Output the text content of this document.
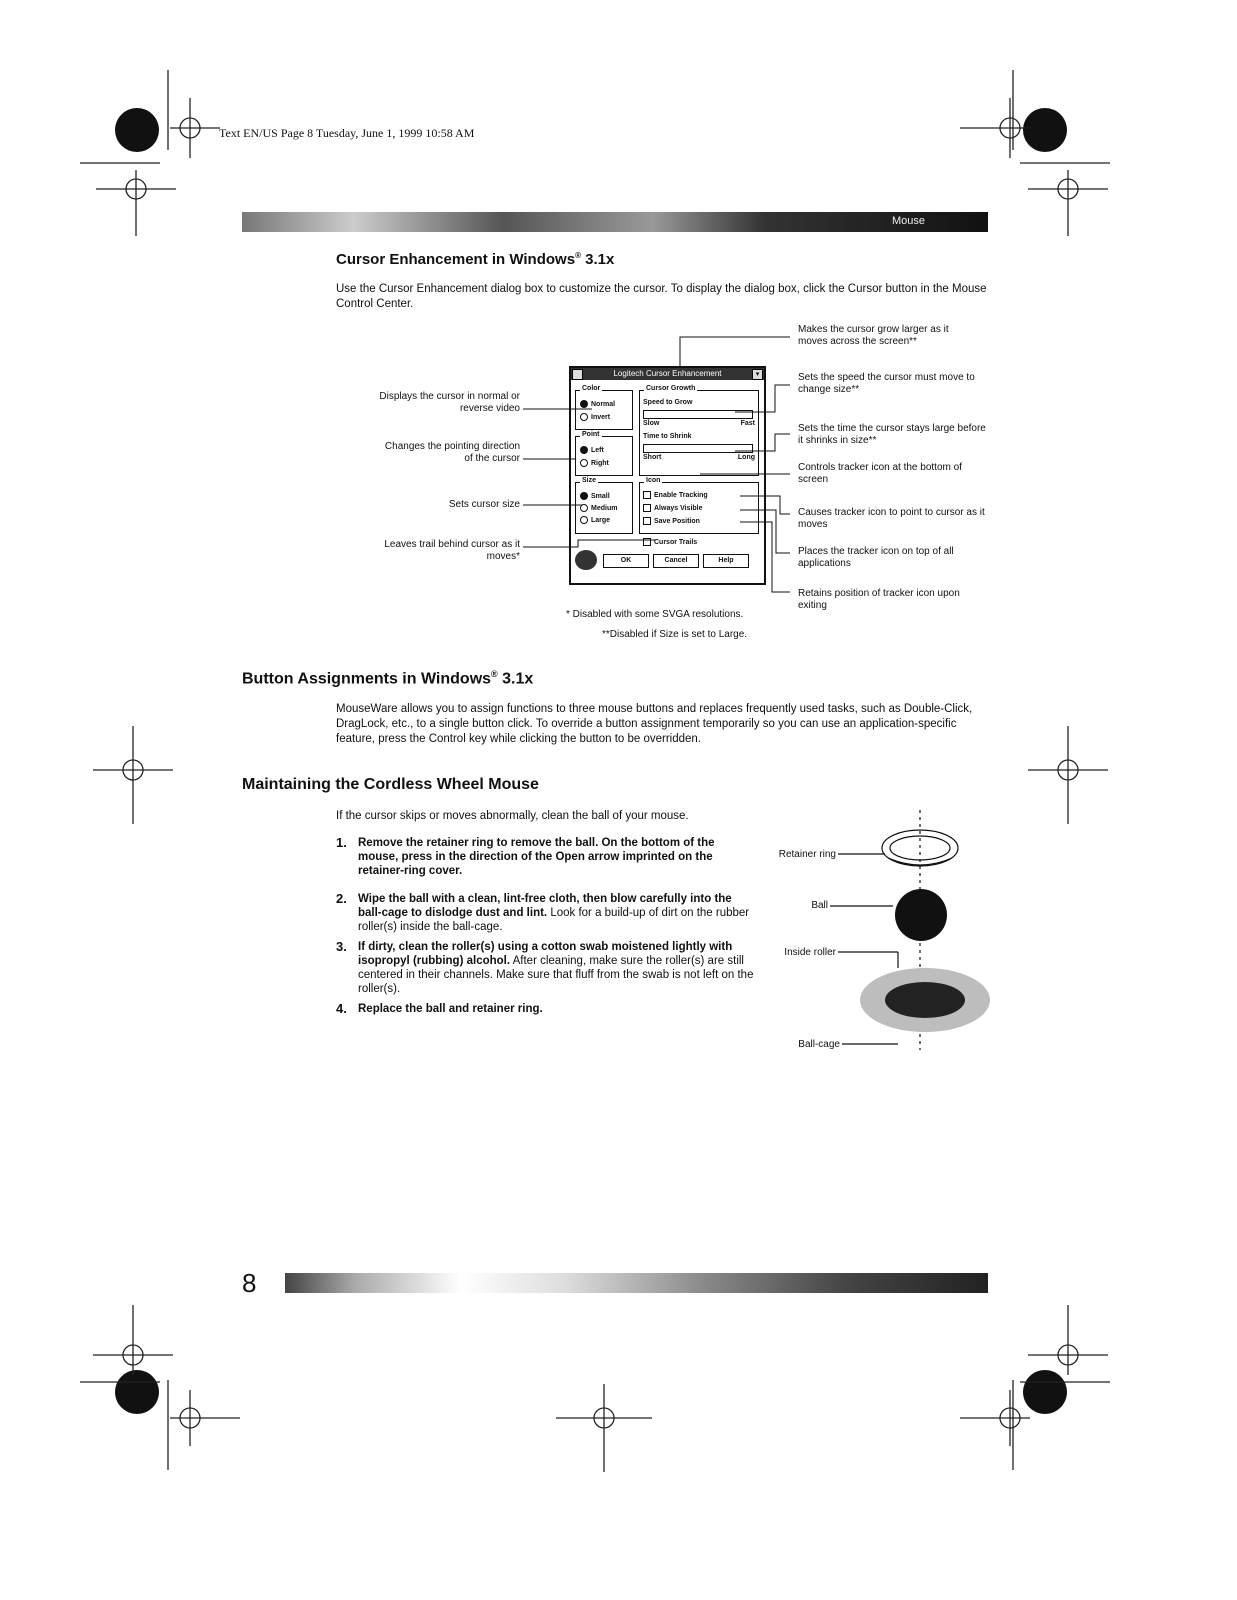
Text EN/US Page 8 Tuesday, June 1, 1999 10:58 AM
Mouse
Cursor Enhancement in Windows® 3.1x

Use the Cursor Enhancement dialog box to customize the cursor. To display the dialog box, click the Cursor button in the Mouse Control Center.

Logitech Cursor Enhancement	▾
Color
Normal
Invert
Point
Left
Right
Size
Small
Medium
Large
Cursor Growth
Speed to Grow
Slow	Fast
Time to Shrink
Short	Long
Icon
Enable Tracking
Always Visible
Save Position
Cursor Trails
OK	Cancel	Help
Displays the cursor in normal or reverse video
Changes the pointing direction of the cursor
Sets cursor size
Leaves trail behind cursor as it moves*
Makes the cursor grow larger as it moves across the screen**
Sets the speed the cursor must move to change size**
Sets the time the cursor stays large before it shrinks in size**
Controls tracker icon at the bottom of screen
Causes tracker icon to point to cursor as it moves
Places the tracker icon on top of all applications
Retains position of tracker icon upon exiting
* Disabled with some SVGA resolutions.
**Disabled if Size is set to Large.
Button Assignments in Windows® 3.1x

MouseWare allows you to assign functions to three mouse buttons and replaces frequently used tasks, such as Double-Click, DragLock, etc., to a single button click. To override a button assignment temporarily so you can use an application-specific feature, press the Control key while clicking the button to be overridden.

Maintaining the Cordless Wheel Mouse

If the cursor skips or moves abnormally, clean the ball of your mouse.

1. Remove the retainer ring to remove the ball. On the bottom of the mouse, press in the direction of the Open arrow imprinted on the retainer-ring cover.
2. Wipe the ball with a clean, lint-free cloth, then blow carefully into the ball-cage to dislodge dust and lint. Look for a build-up of dirt on the rubber roller(s) inside the ball-cage.
3. If dirty, clean the roller(s) using a cotton swab moistened lightly with isopropyl (rubbing) alcohol. After cleaning, make sure the roller(s) are still centered in their channels. Make sure that fluff from the swab is not left on the roller(s).
4. Replace the ball and retainer ring.
Retainer ring
Ball
Inside roller
Ball-cage
8
